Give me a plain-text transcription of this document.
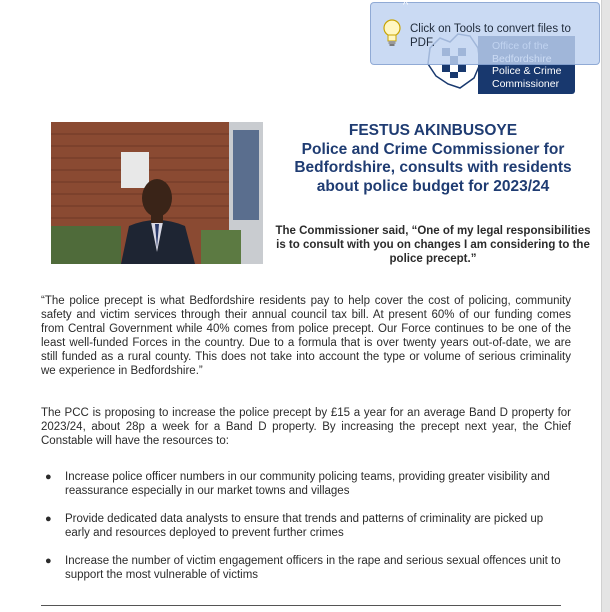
Police & Crime
Commissioner
^
Click on Tools to convert files to PDF.
FESTUS AKINBUSOYE
Police and Crime Commissioner for
Bedfordshire, consults with residents
about police budget for 2023/24
The Commissioner said, “One of my legal responsibilities is to consult with you on changes I am considering to the police precept.”
“The police precept is what Bedfordshire residents pay to help cover the cost of policing, community safety and victim services through their annual council tax bill. At present 60% of our funding comes from Central Government while 40% comes from police precept. Our Force continues to be one of the least well-funded Forces in the country. Due to a formula that is over twenty years out-of-date, we are still funded as a rural county. This does not take into account the type or volume of serious criminality we experience in Bedfordshire.”
The PCC is proposing to increase the police precept by £15 a year for an average Band D property for 2023/24, about 28p a week for a Band D property. By increasing the precept next year, the Chief Constable will have the resources to:
● Increase police officer numbers in our community policing teams, providing greater visibility and reassurance especially in our market towns and villages
● Provide dedicated data analysts to ensure that trends and patterns of criminality are picked up early and resources deployed to prevent further crimes
● Increase the number of victim engagement officers in the rape and serious sexual offences unit to support the most vulnerable of victims
